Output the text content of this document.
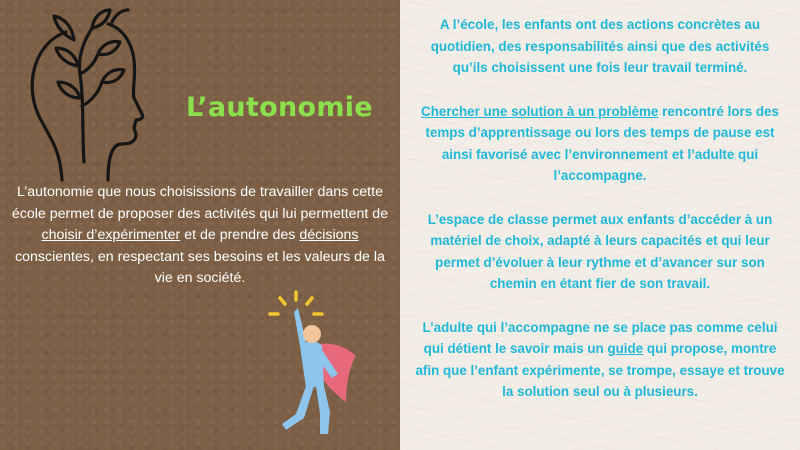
L’autonomie

L’autonomie que nous choisissions de travailler dans cette école permet de proposer des activités qui lui permettent de choisir d’expérimenter et de prendre des décisions conscientes, en respectant ses besoins et les valeurs de la vie en société.

A l’école, les enfants ont des actions concrètes au quotidien, des responsabilités ainsi que des activités qu’ils choisissent une fois leur travail terminé.

Chercher une solution à un problème rencontré lors des temps d’apprentissage ou lors des temps de pause est ainsi favorisé avec l’environnement et l’adulte qui l’accompagne.

L’espace de classe permet aux enfants d’accéder à un matériel de choix, adapté à leurs capacités et qui leur permet d’évoluer à leur rythme et d’avancer sur son chemin en étant fier de son travail.

L’adulte qui l’accompagne ne se place pas comme celui qui détient le savoir mais un guide qui propose, montre afin que l’enfant expérimente, se trompe, essaye et trouve la solution seul ou à plusieurs.
